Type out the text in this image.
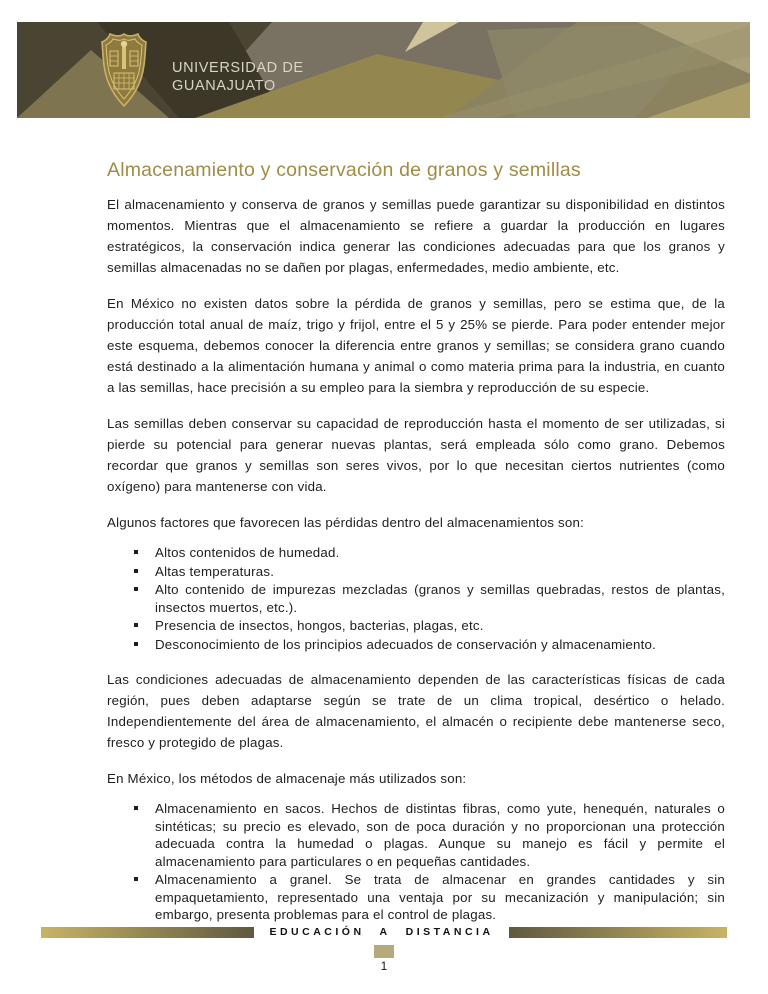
UNIVERSIDAD DE
GUANAJUATO
Almacenamiento y conservación de granos y semillas

El almacenamiento y conserva de granos y semillas puede garantizar su disponibilidad en distintos momentos. Mientras que el almacenamiento se refiere a guardar la producción en lugares estratégicos, la conservación indica generar las condiciones adecuadas para que los granos y semillas almacenadas no se dañen por plagas, enfermedades, medio ambiente, etc.

En México no existen datos sobre la pérdida de granos y semillas, pero se estima que, de la producción total anual de maíz, trigo y frijol, entre el 5 y 25% se pierde. Para poder entender mejor este esquema, debemos conocer la diferencia entre granos y semillas; se considera grano cuando está destinado a la alimentación humana y animal o como materia prima para la industria, en cuanto a las semillas, hace precisión a su empleo para la siembra y reproducción de su especie.

Las semillas deben conservar su capacidad de reproducción hasta el momento de ser utilizadas, si pierde su potencial para generar nuevas plantas, será empleada sólo como grano. Debemos recordar que granos y semillas son seres vivos, por lo que necesitan ciertos nutrientes (como oxígeno) para mantenerse con vida.

Algunos factores que favorecen las pérdidas dentro del almacenamientos son:

Altos contenidos de humedad.
Altas temperaturas.
Alto contenido de impurezas mezcladas (granos y semillas quebradas, restos de plantas, insectos muertos, etc.).
Presencia de insectos, hongos, bacterias, plagas, etc.
Desconocimiento de los principios adecuados de conservación y almacenamiento.

Las condiciones adecuadas de almacenamiento dependen de las características físicas de cada región, pues deben adaptarse según se trate de un clima tropical, desértico o helado. Independientemente del área de almacenamiento, el almacén o recipiente debe mantenerse seco, fresco y protegido de plagas.

En México, los métodos de almacenaje más utilizados son:

Almacenamiento en sacos. Hechos de distintas fibras, como yute, henequén, naturales o sintéticas; su precio es elevado, son de poca duración y no proporcionan una protección adecuada contra la humedad o plagas. Aunque su manejo es fácil y permite el almacenamiento para particulares o en pequeñas cantidades.
Almacenamiento a granel. Se trata de almacenar en grandes cantidades y sin empaquetamiento, representado una ventaja por su mecanización y manipulación; sin embargo, presenta problemas para el control de plagas.
EDUCACIÓN A DISTANCIA
1
